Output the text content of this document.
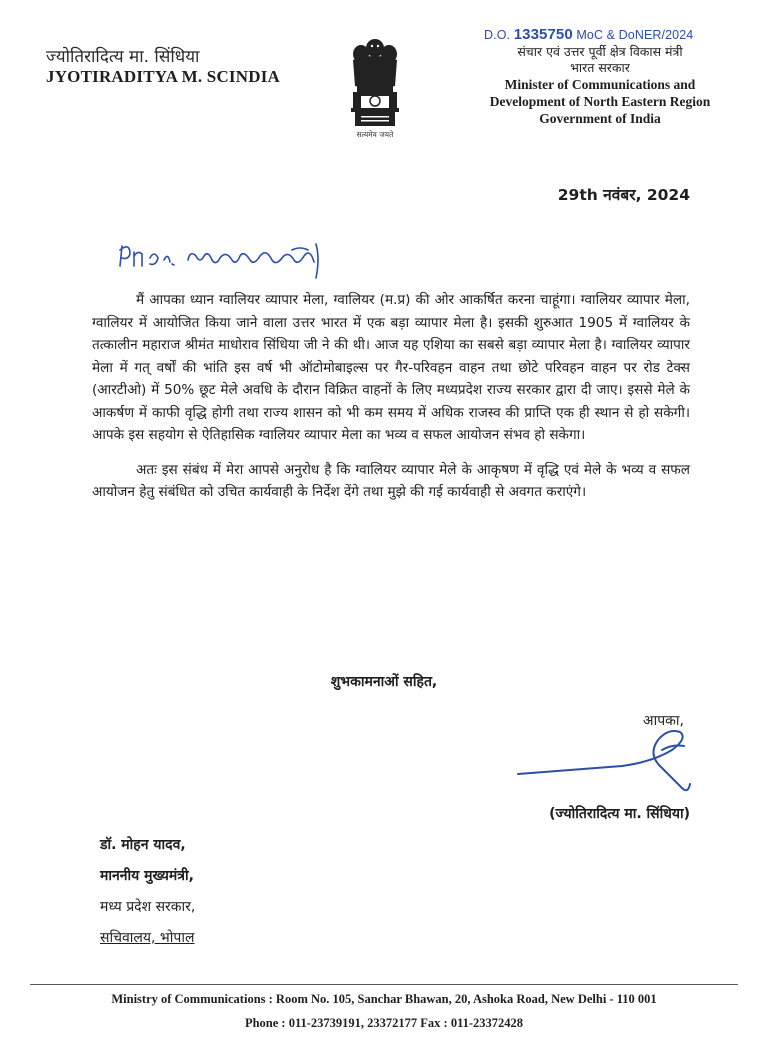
ज्योतिरादित्य मा. सिंधिया
JYOTIRADITYA M. SCINDIA
सत्यमेव जयते
D.O. 1335750 MoC & DoNER/2024
संचार एवं उत्तर पूर्वी क्षेत्र विकास मंत्री
भारत सरकार
Minister of Communications and
Development of North Eastern Region
Government of India
29th नवंबर, 2024

मैं आपका ध्यान ग्वालियर व्यापार मेला, ग्वालियर (म.प्र) की ओर आकर्षित करना चाहूंगा। ग्वालियर व्यापार मेला, ग्वालियर में आयोजित किया जाने वाला उत्तर भारत में एक बड़ा व्यापार मेला है। इसकी शुरुआत 1905 में ग्वालियर के तत्कालीन महाराज श्रीमंत माधोराव सिंधिया जी ने की थी। आज यह एशिया का सबसे बड़ा व्यापार मेला है। ग्वालियर व्यापार मेला में गत् वर्षों की भांति इस वर्ष भी ऑटोमोबाइल्स पर गैर-परिवहन वाहन तथा छोटे परिवहन वाहन पर रोड टेक्स (आरटीओ) में 50% छूट मेले अवधि के दौरान विक्रित वाहनों के लिए मध्यप्रदेश राज्य सरकार द्वारा दी जाए। इससे मेले के आकर्षण में काफी वृद्धि होगी तथा राज्य शासन को भी कम समय में अधिक राजस्व की प्राप्ति एक ही स्थान से हो सकेगी। आपके इस सहयोग से ऐतिहासिक ग्वालियर व्यापार मेला का भव्य व सफल आयोजन संभव हो सकेगा।

अतः इस संबंध में मेरा आपसे अनुरोध है कि ग्वालियर व्यापार मेले के आकृषण में वृद्धि एवं मेले के भव्य व सफल आयोजन हेतु संबंधित को उचित कार्यवाही के निर्देश देंगे तथा मुझे की गई कार्यवाही से अवगत कराएंगे।

शुभकामनाओं सहित,
आपका,
(ज्योतिरादित्य मा. सिंधिया)
डॉ. मोहन यादव,
माननीय मुख्यमंत्री,
मध्य प्रदेश सरकार,
सचिवालय, भोपाल
Ministry of Communications : Room No. 105, Sanchar Bhawan, 20, Ashoka Road, New Delhi - 110 001
Phone : 011-23739191, 23372177 Fax : 011-23372428
